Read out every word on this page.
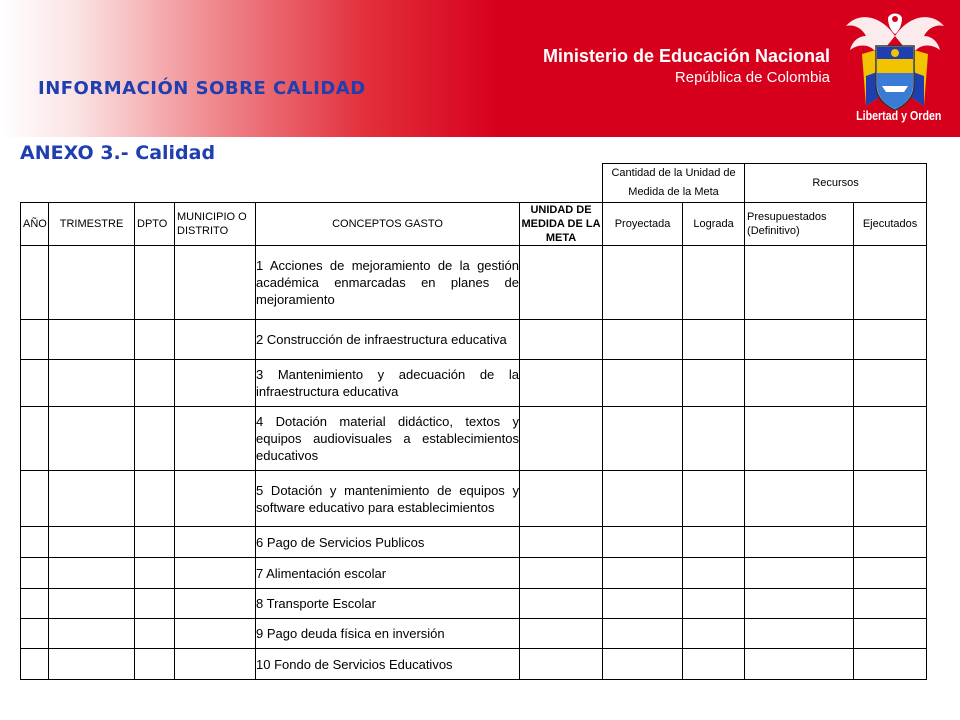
INFORMACIÓN SOBRE CALIDAD
Ministerio de Educación Nacional
República de Colombia
Libertad y Orden
ANEXO 3.- Calidad
						Cantidad de la Unidad de Medida de la Meta		Recursos	
AÑO	TRIMESTRE	DPTO	MUNICIPIO O DISTRITO	CONCEPTOS GASTO	UNIDAD DE MEDIDA DE LA META	Proyectada	Lograda	Presupuestados (Definitivo)	Ejecutados
				1 Acciones de mejoramiento de la gestión académica enmarcadas en planes de mejoramiento					
				2 Construcción de infraestructura educativa					
				3 Mantenimiento y adecuación de la infraestructura educativa					
				4 Dotación material didáctico, textos y equipos audiovisuales a establecimientos educativos					
				5 Dotación y mantenimiento de equipos y software educativo para establecimientos					
				6 Pago de Servicios Publicos					
				7 Alimentación escolar					
				8 Transporte Escolar					
				9 Pago deuda física en inversión					
				10 Fondo de Servicios Educativos					
